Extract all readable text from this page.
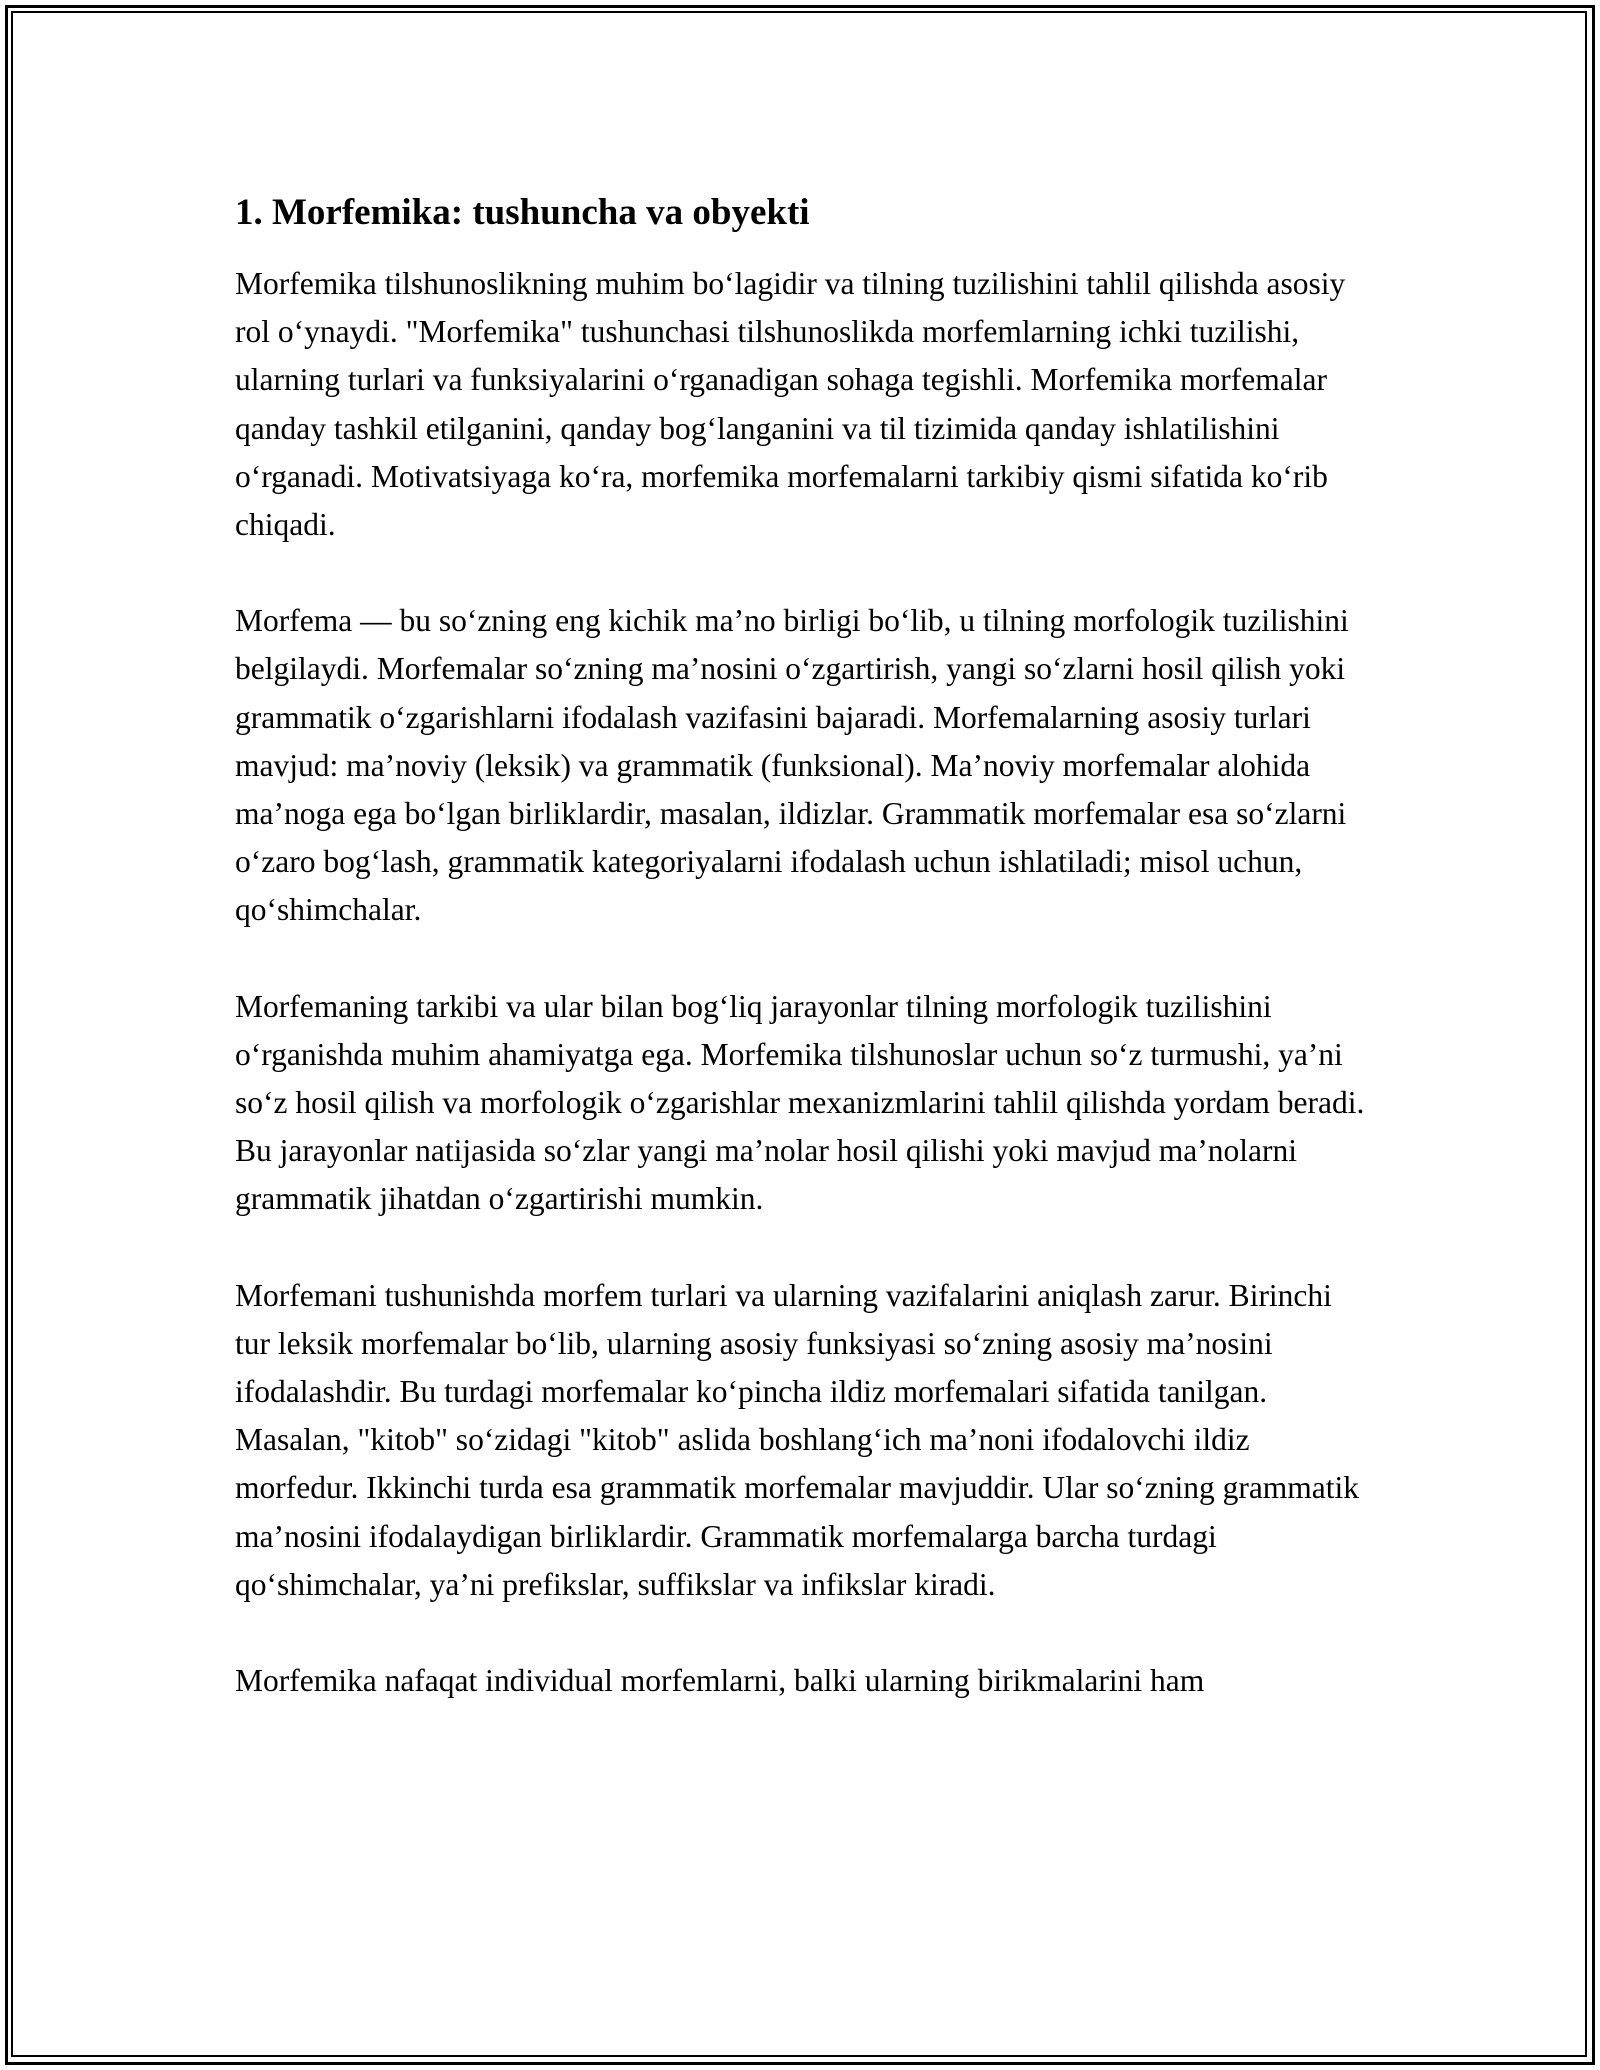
1. Morfemika: tushuncha va obyekti

Morfemika tilshunoslikning muhim bo‘lagidir va tilning tuzilishini tahlil qilishda asosiy rol o‘ynaydi. "Morfemika" tushunchasi tilshunoslikda morfemlarning ichki tuzilishi, ularning turlari va funksiyalarini o‘rganadigan sohaga tegishli. Morfemika morfemalar qanday tashkil etilganini, qanday bog‘langanini va til tizimida qanday ishlatilishini o‘rganadi. Motivatsiyaga ko‘ra, morfemika morfemalarni tarkibiy qismi sifatida ko‘rib chiqadi.

Morfema — bu so‘zning eng kichik ma’no birligi bo‘lib, u tilning morfologik tuzilishini belgilaydi. Morfemalar so‘zning ma’nosini o‘zgartirish, yangi so‘zlarni hosil qilish yoki grammatik o‘zgarishlarni ifodalash vazifasini bajaradi. Morfemalarning asosiy turlari mavjud: ma’noviy (leksik) va grammatik (funksional). Ma’noviy morfemalar alohida ma’noga ega bo‘lgan birliklardir, masalan, ildizlar. Grammatik morfemalar esa so‘zlarni o‘zaro bog‘lash, grammatik kategoriyalarni ifodalash uchun ishlatiladi; misol uchun, qo‘shimchalar.

Morfemaning tarkibi va ular bilan bog‘liq jarayonlar tilning morfologik tuzilishini o‘rganishda muhim ahamiyatga ega. Morfemika tilshunoslar uchun so‘z turmushi, ya’ni so‘z hosil qilish va morfologik o‘zgarishlar mexanizmlarini tahlil qilishda yordam beradi. Bu jarayonlar natijasida so‘zlar yangi ma’nolar hosil qilishi yoki mavjud ma’nolarni grammatik jihatdan o‘zgartirishi mumkin.

Morfemani tushunishda morfem turlari va ularning vazifalarini aniqlash zarur. Birinchi tur leksik morfemalar bo‘lib, ularning asosiy funksiyasi so‘zning asosiy ma’nosini ifodalashdir. Bu turdagi morfemalar ko‘pincha ildiz morfemalari sifatida tanilgan. Masalan, "kitob" so‘zidagi "kitob" aslida boshlang‘ich ma’noni ifodalovchi ildiz morfedur. Ikkinchi turda esa grammatik morfemalar mavjuddir. Ular so‘zning grammatik ma’nosini ifodalaydigan birliklardir. Grammatik morfemalarga barcha turdagi qo‘shimchalar, ya’ni prefikslar, suffikslar va infikslar kiradi.

Morfemika nafaqat individual morfemlarni, balki ularning birikmalarini ham
